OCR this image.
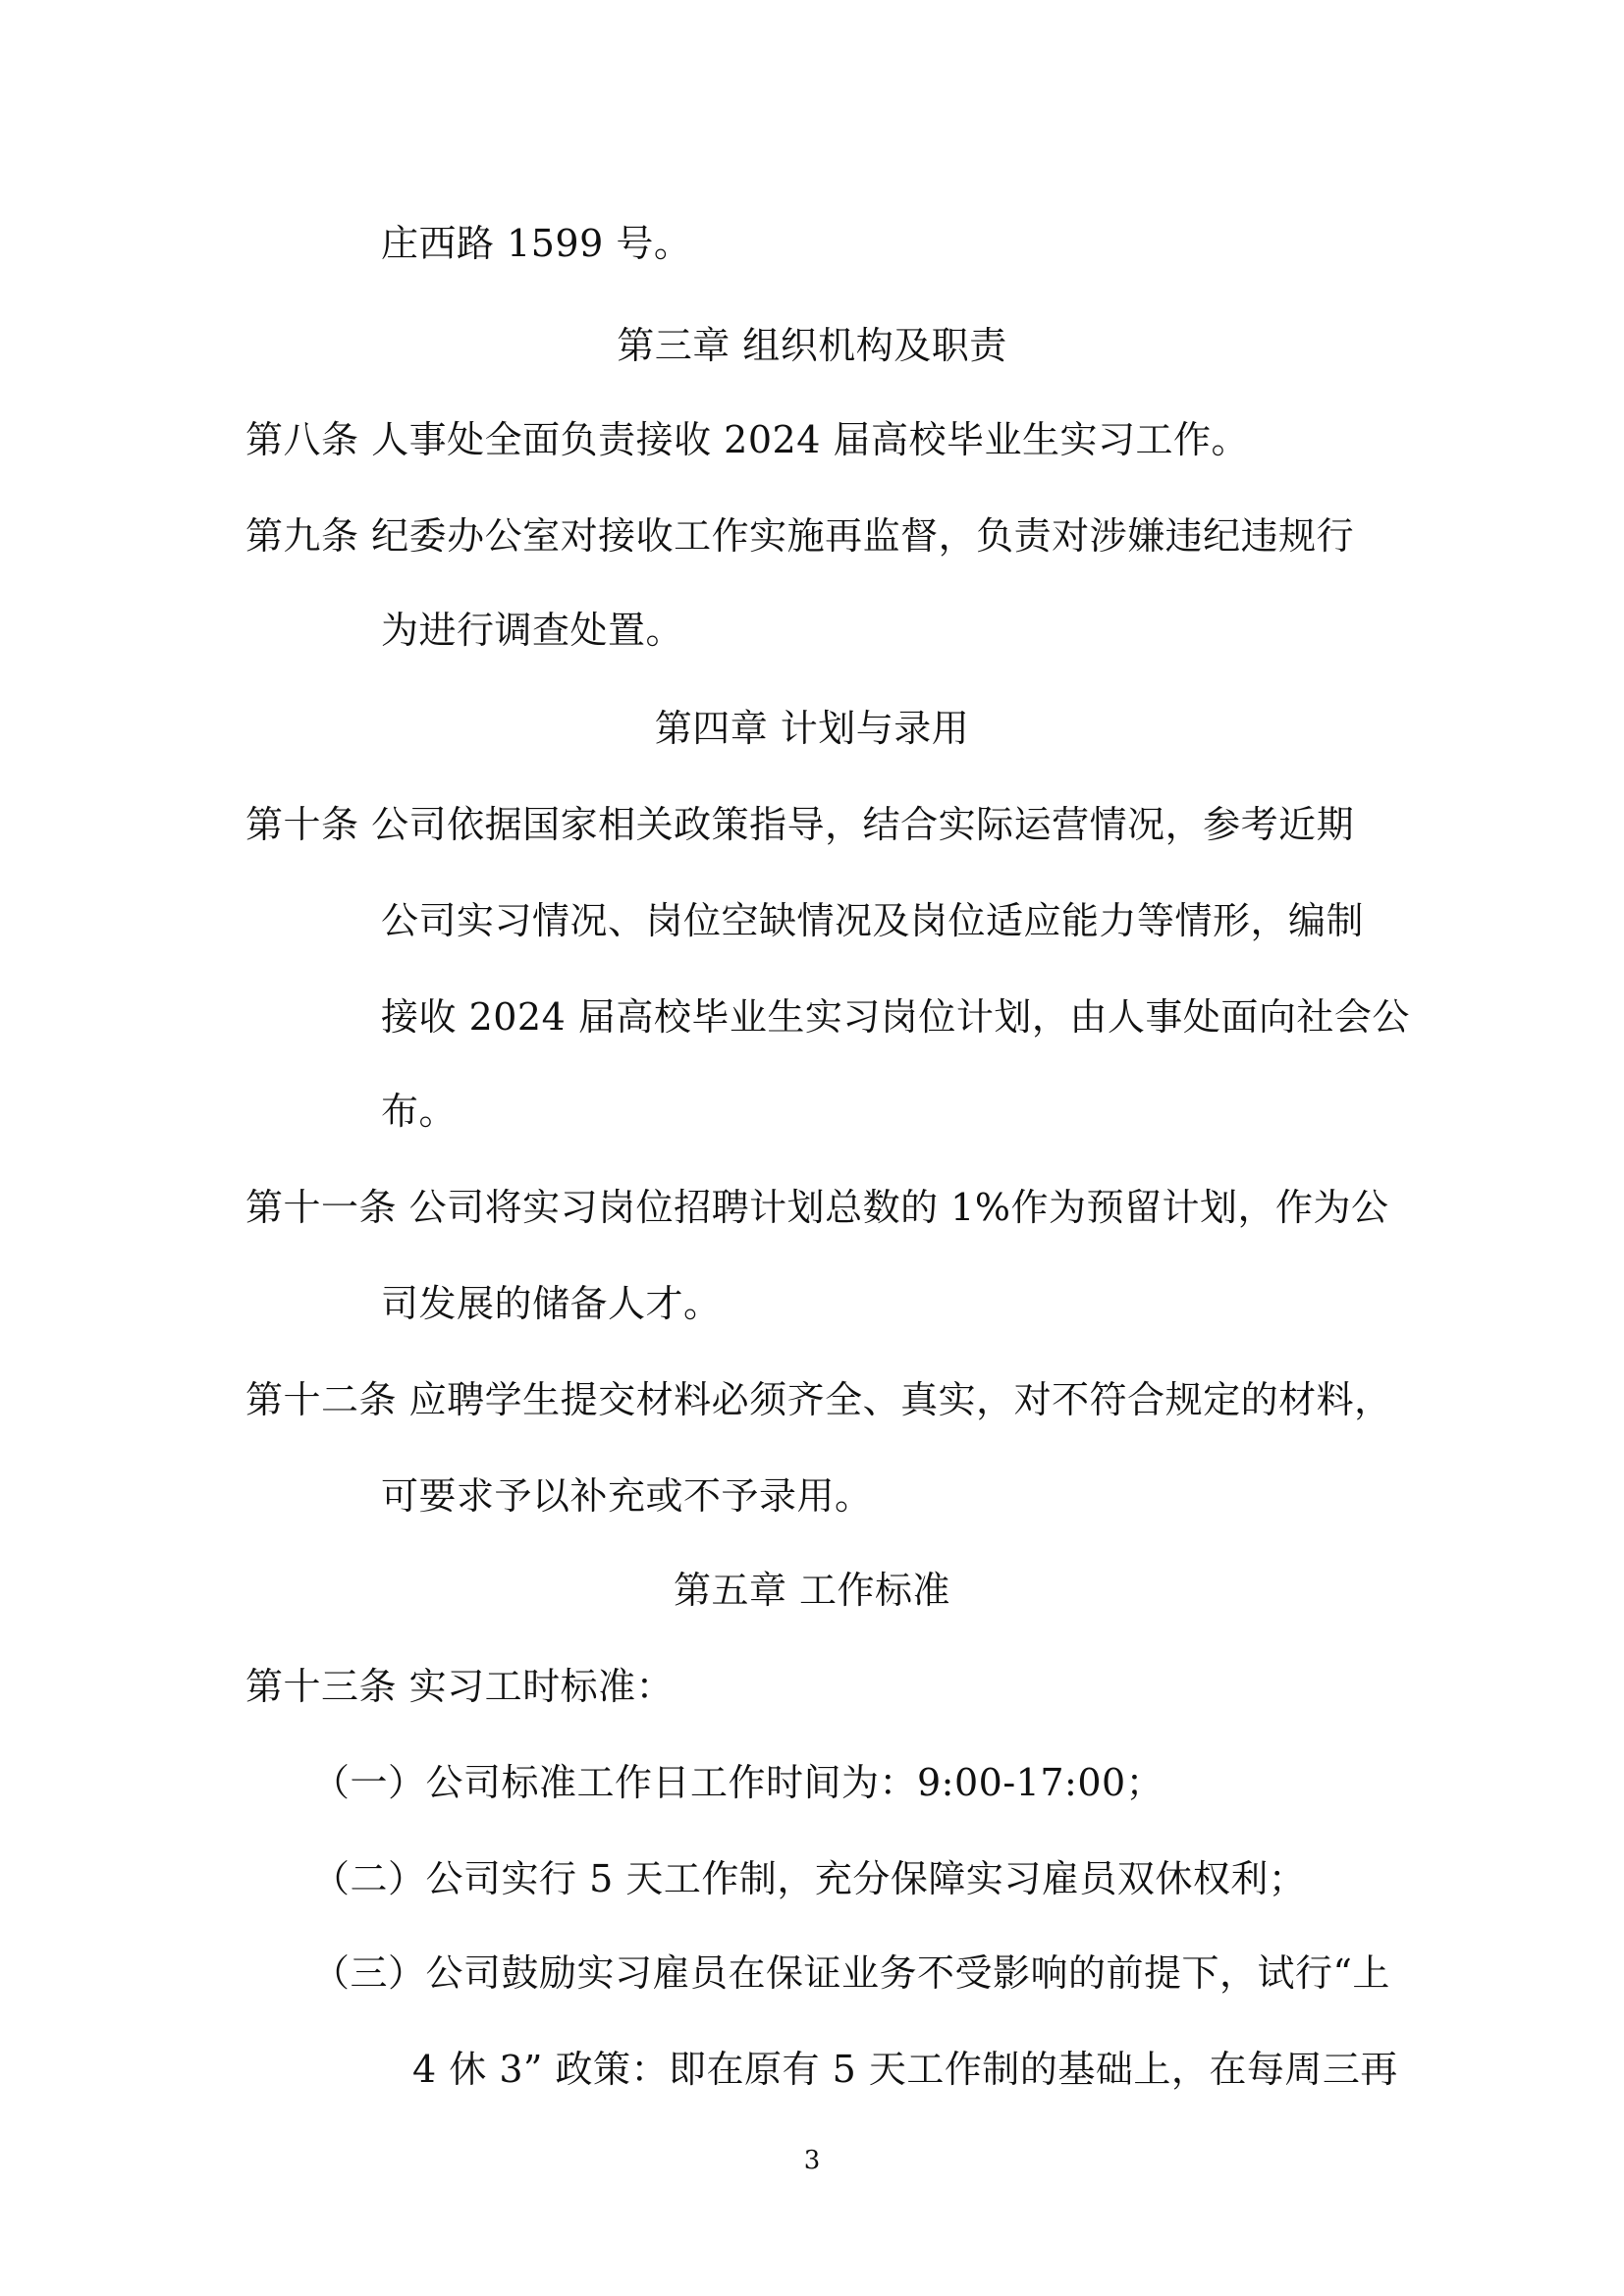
庄西路 1599 号。
第三章 组织机构及职责
第八条 人事处全面负责接收 2024 届高校毕业生实习工作。
第九条 纪委办公室对接收工作实施再监督，负责对涉嫌违纪违规行
为进行调查处置。
第四章 计划与录用
第十条 公司依据国家相关政策指导，结合实际运营情况，参考近期
公司实习情况、岗位空缺情况及岗位适应能力等情形，编制
接收 2024 届高校毕业生实习岗位计划，由人事处面向社会公
布。
第十一条 公司将实习岗位招聘计划总数的 1%作为预留计划，作为公
司发展的储备人才。
第十二条 应聘学生提交材料必须齐全、真实，对不符合规定的材料，
可要求予以补充或不予录用。
第五章 工作标准
第十三条 实习工时标准：
（一）公司标准工作日工作时间为：9:00-17:00；
（二）公司实行 5 天工作制，充分保障实习雇员双休权利；
（三）公司鼓励实习雇员在保证业务不受影响的前提下，试行“上
4 休 3” 政策：即在原有 5 天工作制的基础上，在每周三再
3
